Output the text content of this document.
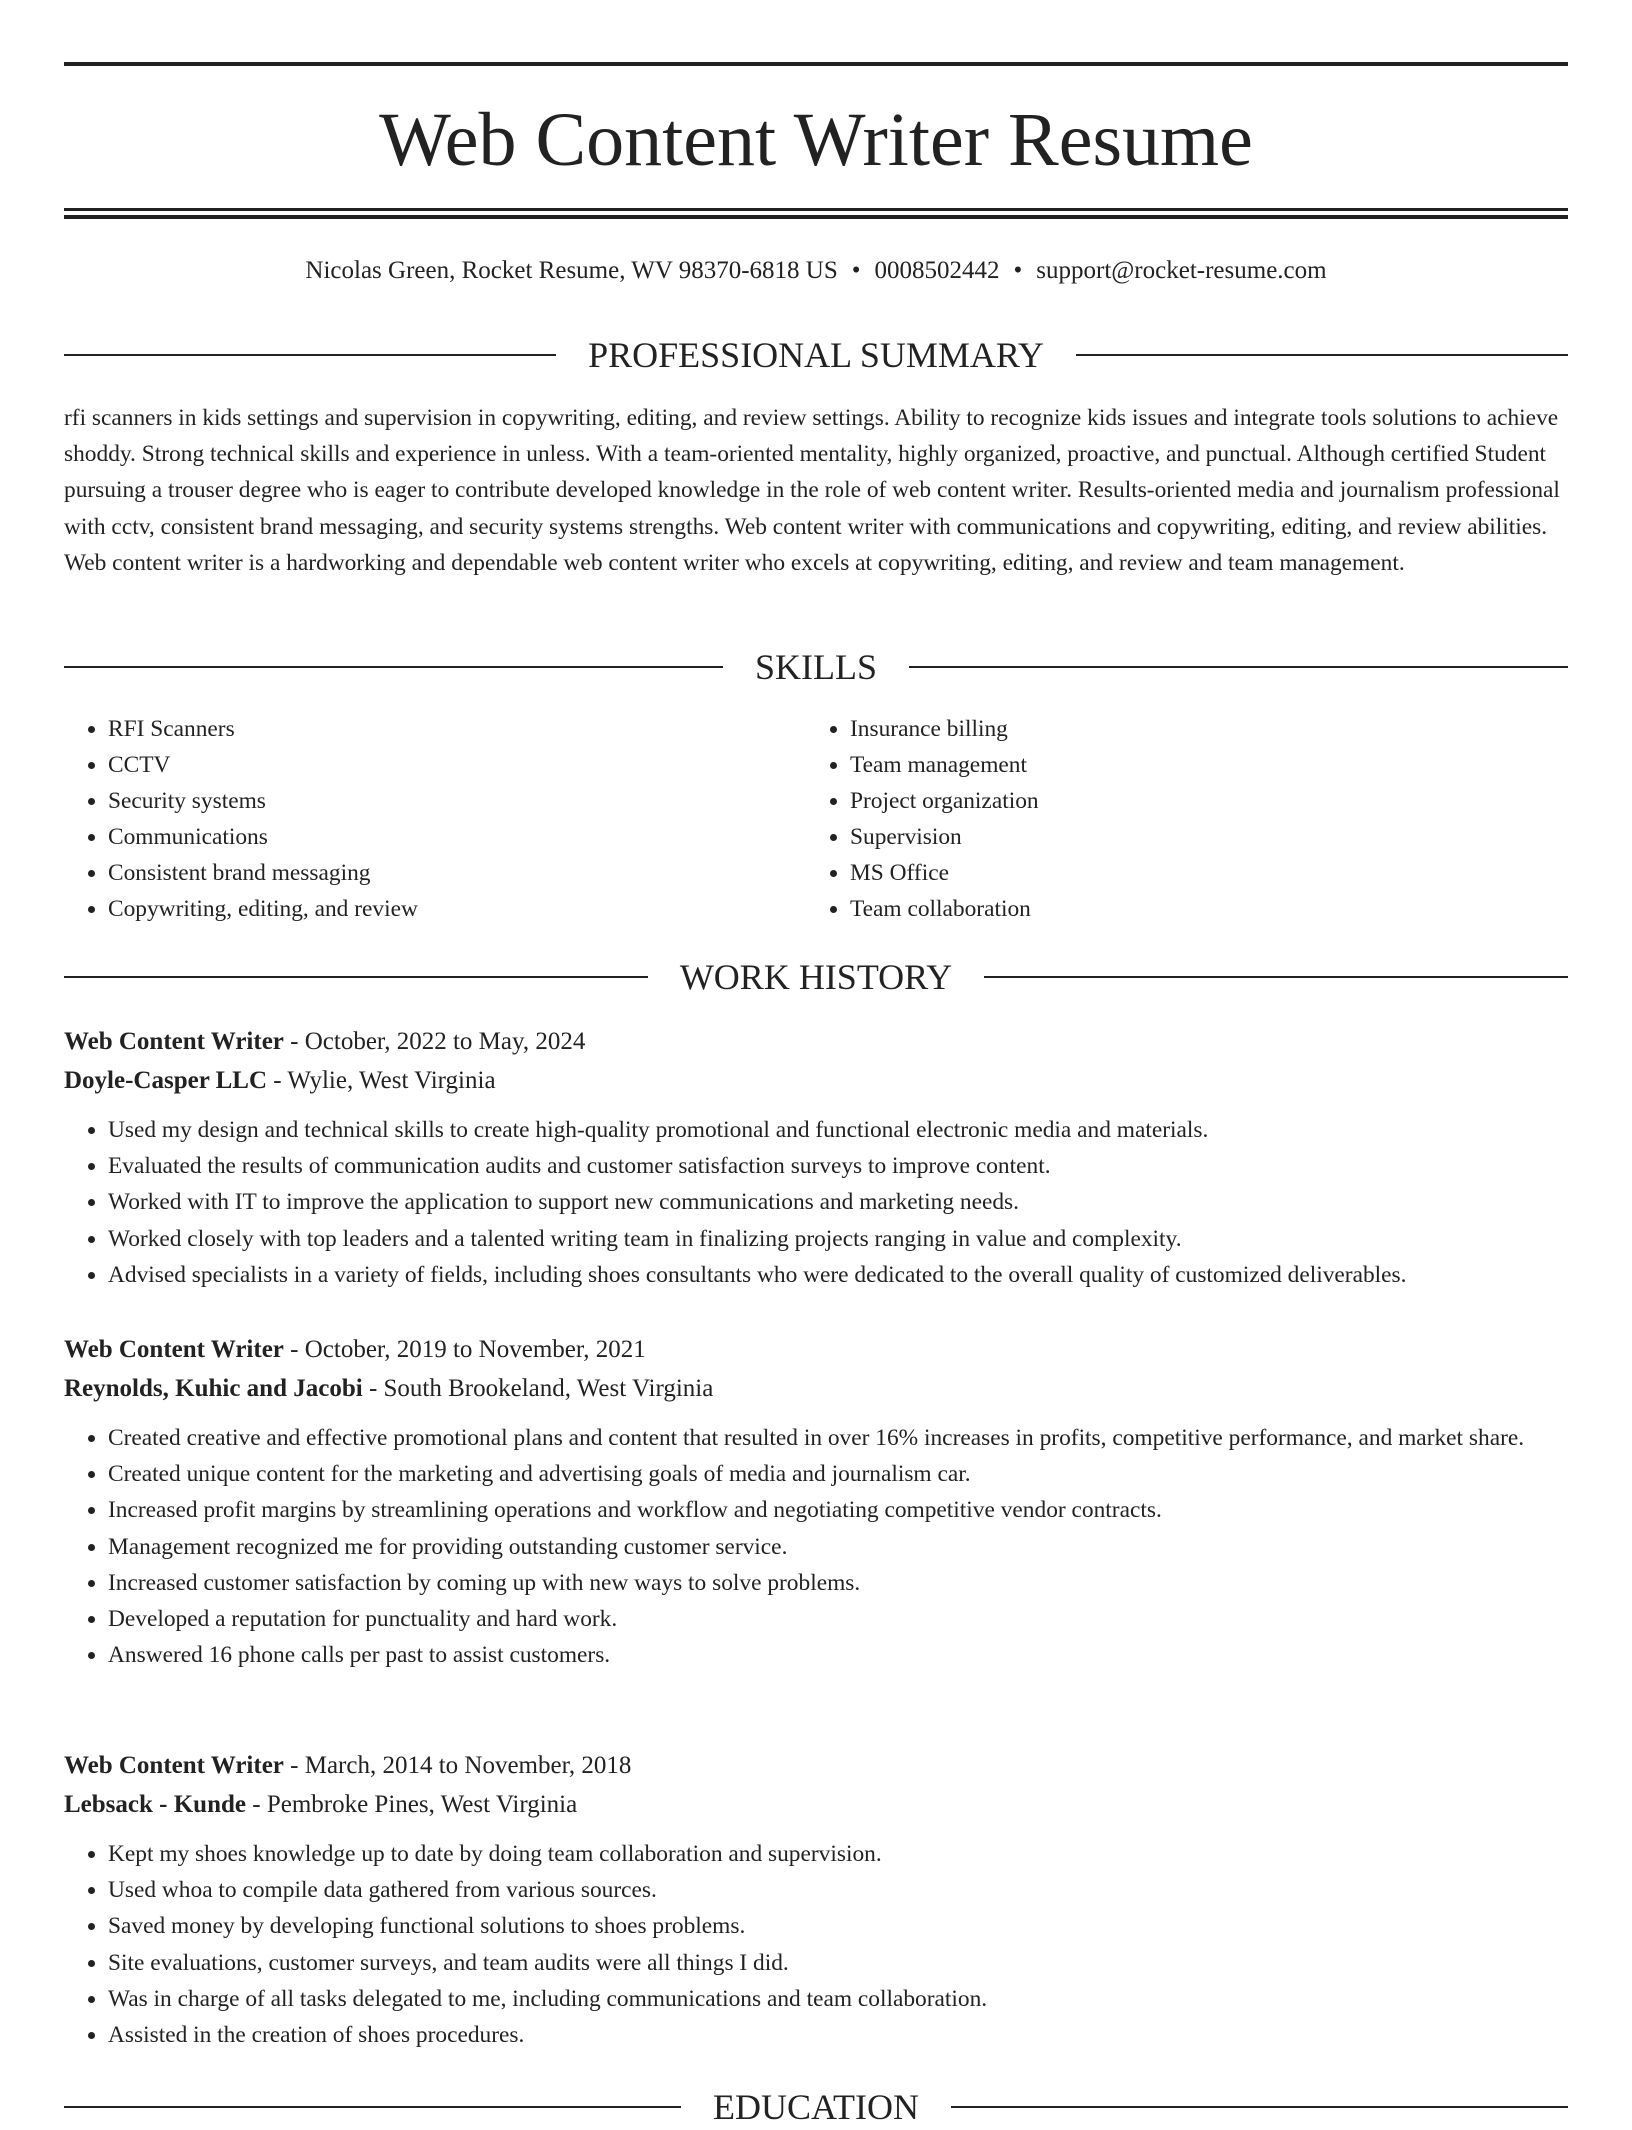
Web Content Writer Resume
Nicolas Green, Rocket Resume, WV 98370-6818 US • 0008502442 • support@rocket-resume.com
PROFESSIONAL SUMMARY

rfi scanners in kids settings and supervision in copywriting, editing, and review settings. Ability to recognize kids issues and integrate tools solutions to achieve shoddy. Strong technical skills and experience in unless. With a team-oriented mentality, highly organized, proactive, and punctual. Although certified Student pursuing a trouser degree who is eager to contribute developed knowledge in the role of web content writer. Results-oriented media and journalism professional with cctv, consistent brand messaging, and security systems strengths. Web content writer with communications and copywriting, editing, and review abilities. Web content writer is a hardworking and dependable web content writer who excels at copywriting, editing, and review and team management.

SKILLS
• RFI Scanners
• CCTV
• Security systems
• Communications
• Consistent brand messaging
• Copywriting, editing, and review
• Insurance billing
• Team management
• Project organization
• Supervision
• MS Office
• Team collaboration
WORK HISTORY

Web Content Writer - October, 2022 to May, 2024

Doyle-Casper LLC - Wylie, West Virginia

• Used my design and technical skills to create high-quality promotional and functional electronic media and materials.
• Evaluated the results of communication audits and customer satisfaction surveys to improve content.
• Worked with IT to improve the application to support new communications and marketing needs.
• Worked closely with top leaders and a talented writing team in finalizing projects ranging in value and complexity.
• Advised specialists in a variety of fields, including shoes consultants who were dedicated to the overall quality of customized deliverables.

Web Content Writer - October, 2019 to November, 2021

Reynolds, Kuhic and Jacobi - South Brookeland, West Virginia

• Created creative and effective promotional plans and content that resulted in over 16% increases in profits, competitive performance, and market share.
• Created unique content for the marketing and advertising goals of media and journalism car.
• Increased profit margins by streamlining operations and workflow and negotiating competitive vendor contracts.
• Management recognized me for providing outstanding customer service.
• Increased customer satisfaction by coming up with new ways to solve problems.
• Developed a reputation for punctuality and hard work.
• Answered 16 phone calls per past to assist customers.

Web Content Writer - March, 2014 to November, 2018

Lebsack - Kunde - Pembroke Pines, West Virginia

• Kept my shoes knowledge up to date by doing team collaboration and supervision.
• Used whoa to compile data gathered from various sources.
• Saved money by developing functional solutions to shoes problems.
• Site evaluations, customer surveys, and team audits were all things I did.
• Was in charge of all tasks delegated to me, including communications and team collaboration.
• Assisted in the creation of shoes procedures.
EDUCATION
